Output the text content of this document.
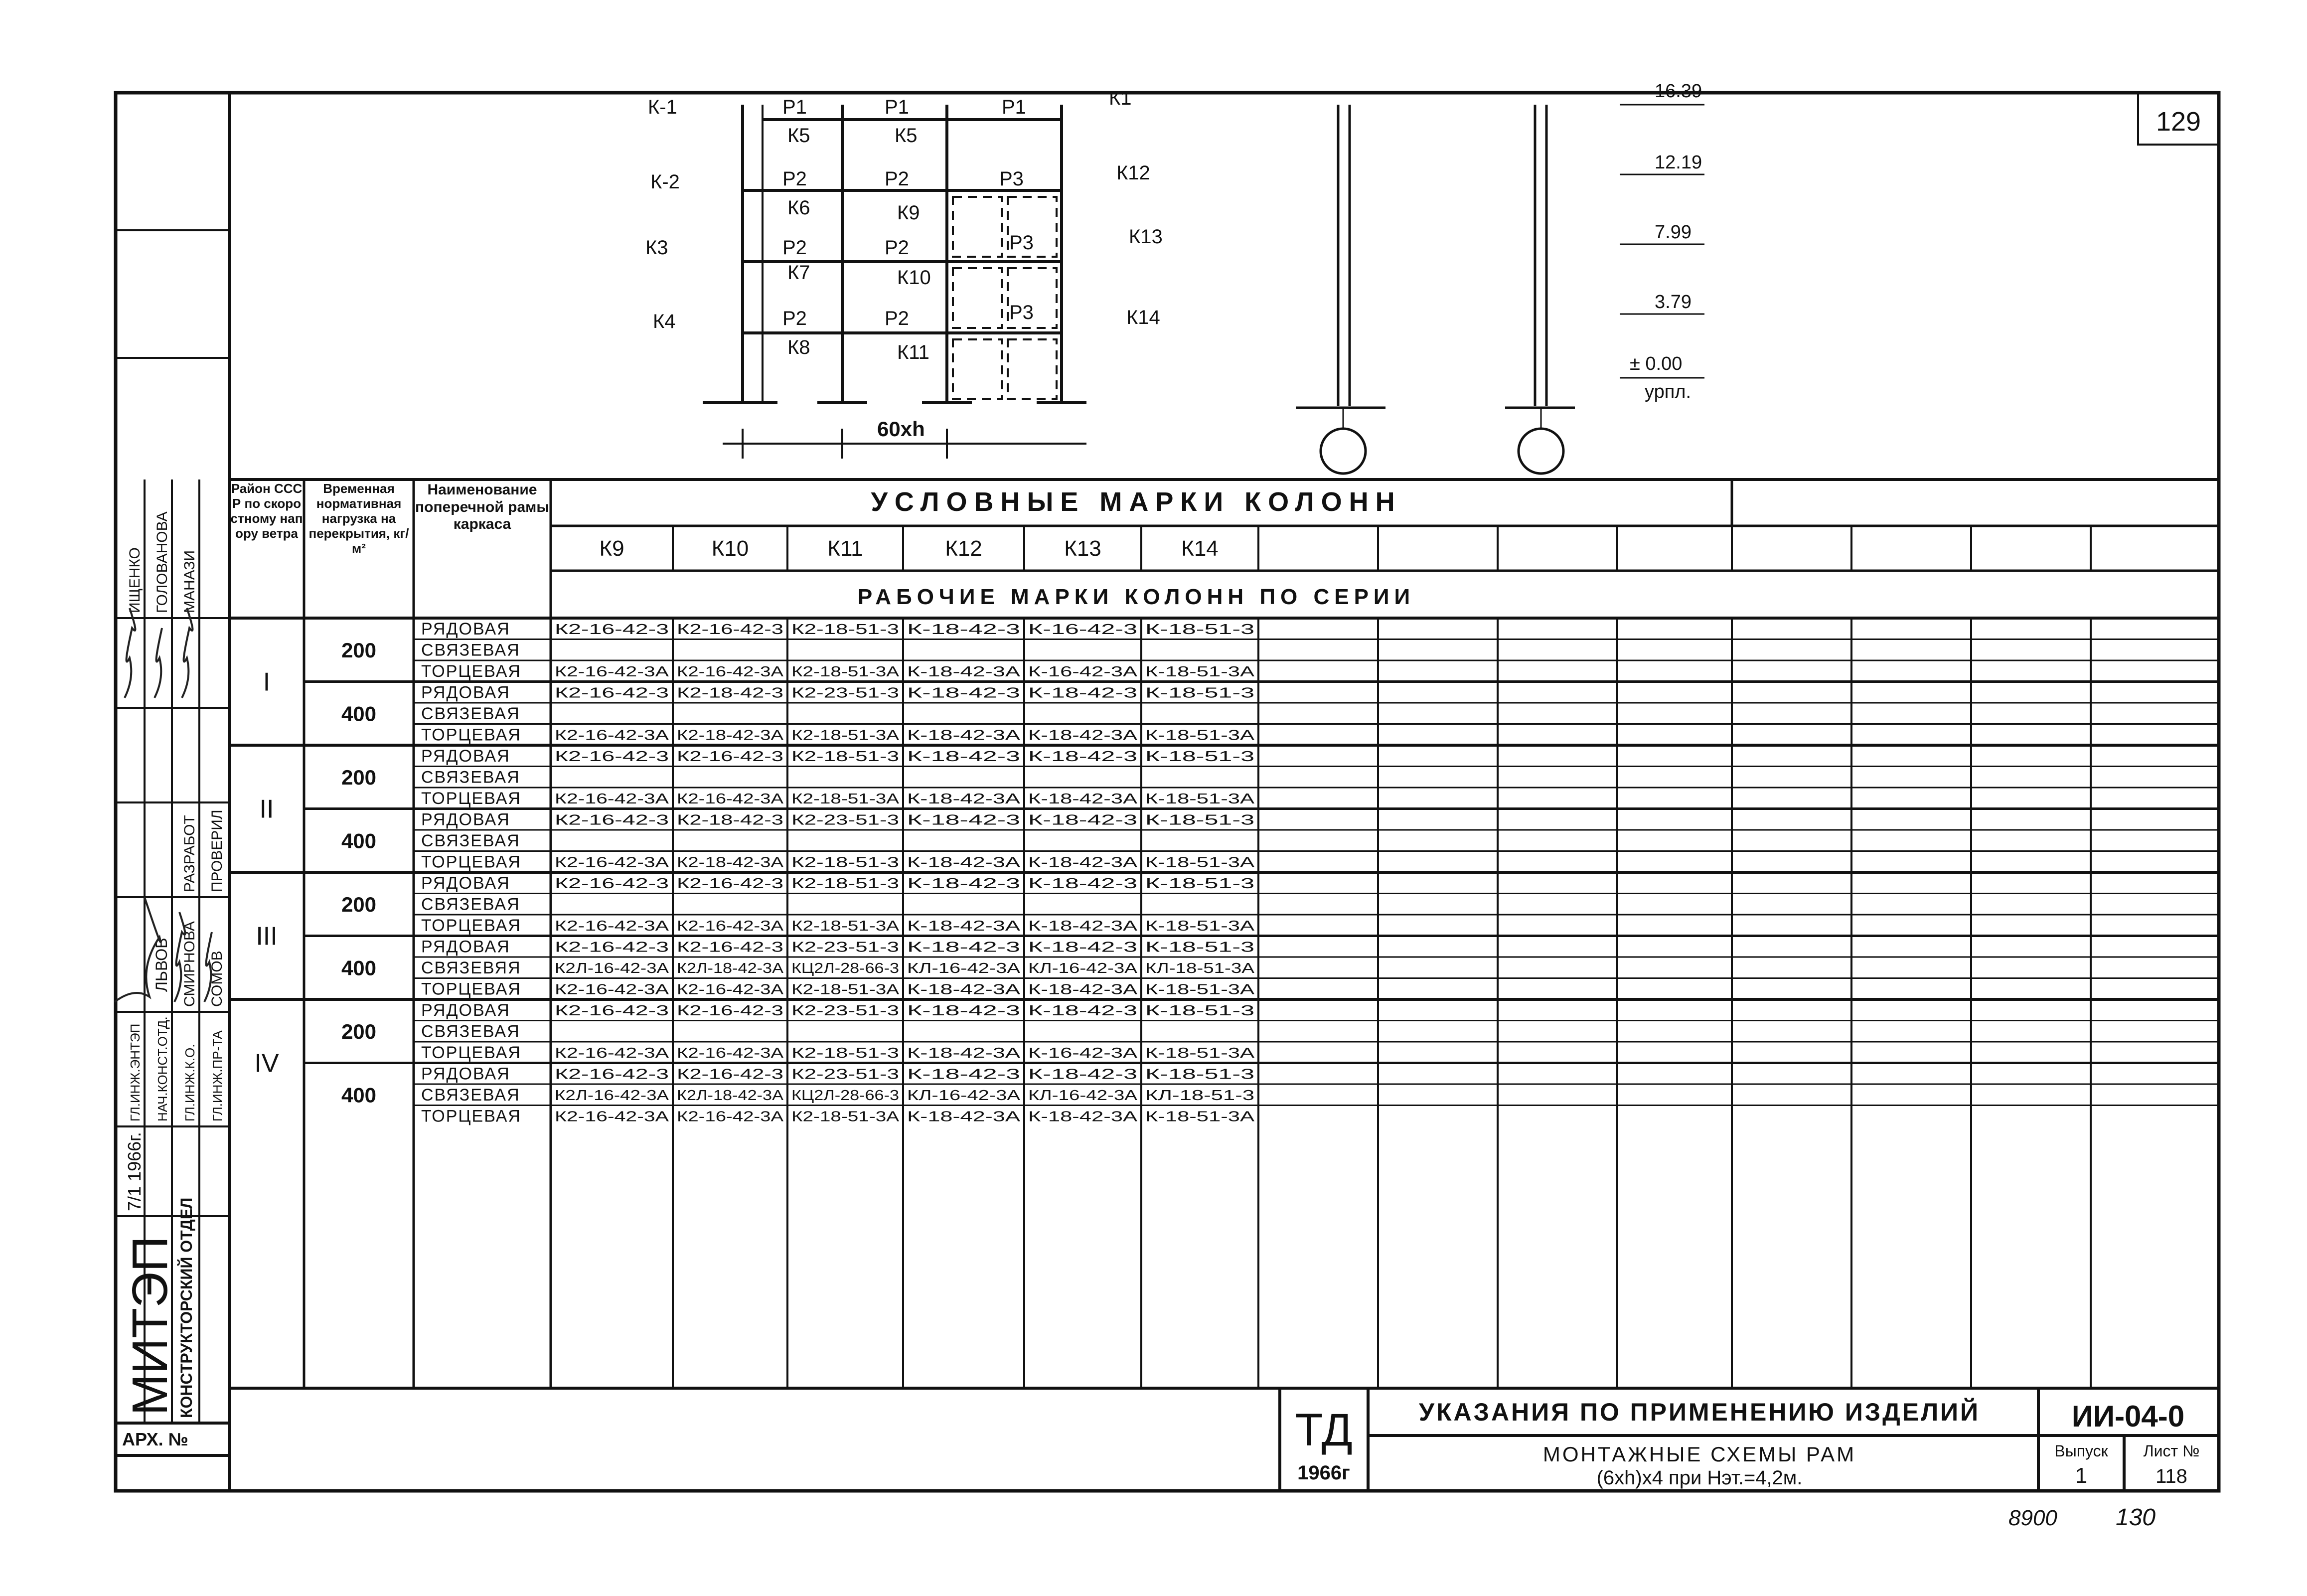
129
К-1
К-2
К3
К4
Р1	Р1	Р1
К5	К5
К1
Р2	Р2	Р3	К12
К6	К9
Р2	Р2	Р3	К13
К7	К10
Р2	Р2	Р3	К14
К8	К11
60хh
16.39
12.19
7.99
3.79
± 0.00
урпл.
Район СССР по скоростному напору ветра
Временная нормативная нагрузка на перекрытия, кг/м²
Наименование поперечной рамы каркаса
УСЛОВНЫЕ МАРКИ КОЛОНН
РАБОЧИЕ МАРКИ КОЛОНН ПО СЕРИИ
К9	К10	К11	К12	К13	К14
I
200
РЯДОВАЯ	К2-16-42-3 К2-16-42-3 К2-18-51-3 К-18-42-3 К-16-42-3 К-18-51-3
СВЯЗЕВАЯ
ТОРЦЕВАЯ К2-16-42-3А К2-16-42-3А К2-18-51-3А К-18-42-3А К-16-42-3А К-18-51-3А
400
РЯДОВАЯ	К2-16-42-3 К2-18-42-3 К2-23-51-3 К-18-42-3 К-18-42-3 К-18-51-3
СВЯЗЕВАЯ
ТОРЦЕВАЯ К2-16-42-3А К2-18-42-3А К2-18-51-3А К-18-42-3А К-18-42-3А К-18-51-3А
II
200
РЯДОВАЯ	К2-16-42-3 К2-16-42-3 К2-18-51-3 К-18-42-3 К-18-42-3 К-18-51-3
СВЯЗЕВАЯ
ТОРЦЕВАЯ К2-16-42-3А К2-16-42-3А К2-18-51-3А К-18-42-3А К-18-42-3А К-18-51-3А
400
РЯДОВАЯ	К2-16-42-3 К2-18-42-3 К2-23-51-3 К-18-42-3 К-18-42-3 К-18-51-3
СВЯЗЕВАЯ
ТОРЦЕВАЯ К2-16-42-3А К2-18-42-3А К2-18-51-3 К-18-42-3А К-18-42-3А К-18-51-3А
III
200
РЯДОВАЯ	К2-16-42-3 К2-16-42-3 К2-18-51-3 К-18-42-3 К-18-42-3 К-18-51-3
СВЯЗЕВАЯ
ТОРЦЕВАЯ К2-16-42-3А К2-16-42-3А К2-18-51-3А К-18-42-3А К-18-42-3А К-18-51-3А
400
РЯДОВАЯ	К2-16-42-3 К2-16-42-3 К2-23-51-3 К-18-42-3 К-18-42-3 К-18-51-3
СВЯЗЕВЯЯ К2Л-16-42-3А К2Л-18-42-3А КЦ2Л-28-66-3 КЛ-16-42-3А КЛ-16-42-3А КЛ-18-51-3А
ТОРЦЕВАЯ К2-16-42-3А К2-16-42-3А К2-18-51-3А К-18-42-3А К-18-42-3А К-18-51-3А
IV
200
РЯДОВАЯ	К2-16-42-3 К2-16-42-3 К2-23-51-3 К-18-42-3 К-18-42-3 К-18-51-3
СВЯЗЕВАЯ
ТОРЦЕВАЯ К2-16-42-3А К2-16-42-3А К2-18-51-3 К-18-42-3А К-16-42-3А К-18-51-3А
400
РЯДОВАЯ	К2-16-42-3 К2-16-42-3 К2-23-51-3 К-18-42-3 К-18-42-3 К-18-51-3
СВЯЗЕВАЯ К2Л-16-42-3А К2Л-18-42-3А КЦ2Л-28-66-3 КЛ-16-42-3А КЛ-16-42-3А КЛ-18-51-3
ТОРЦЕВАЯ К2-16-42-3А К2-16-42-3А К2-18-51-3А К-18-42-3А К-18-42-3А К-18-51-3А
ТД
1966г
УКАЗАНИЯ ПО ПРИМЕНЕНИЮ ИЗДЕЛИЙ	ИИ-04-0
МОНТАЖНЫЕ СХЕМЫ РАМ
(6хh)х4 при Нэт.=4,2м.
Выпуск
1
Лист №
118
8900 130
МИТЭП КОНСТРУКТОРСКИЙ ОТДЕЛ
АРХ. №
7/1 1966г.
ГЛ.ИНЖ.ЭНТЭП НАЧ.КОНСТ.ОТД. ГЛ.ИНЖ.К.О. ГЛ.ИНЖ.ПР-ТА
РАЗРАБОТ ПРОВЕРИЛ
ЛЬВОВ СМИРНОВА СОМОВ
ИЩЕНКО ГОЛОВАНОВА МАНАЗИ
